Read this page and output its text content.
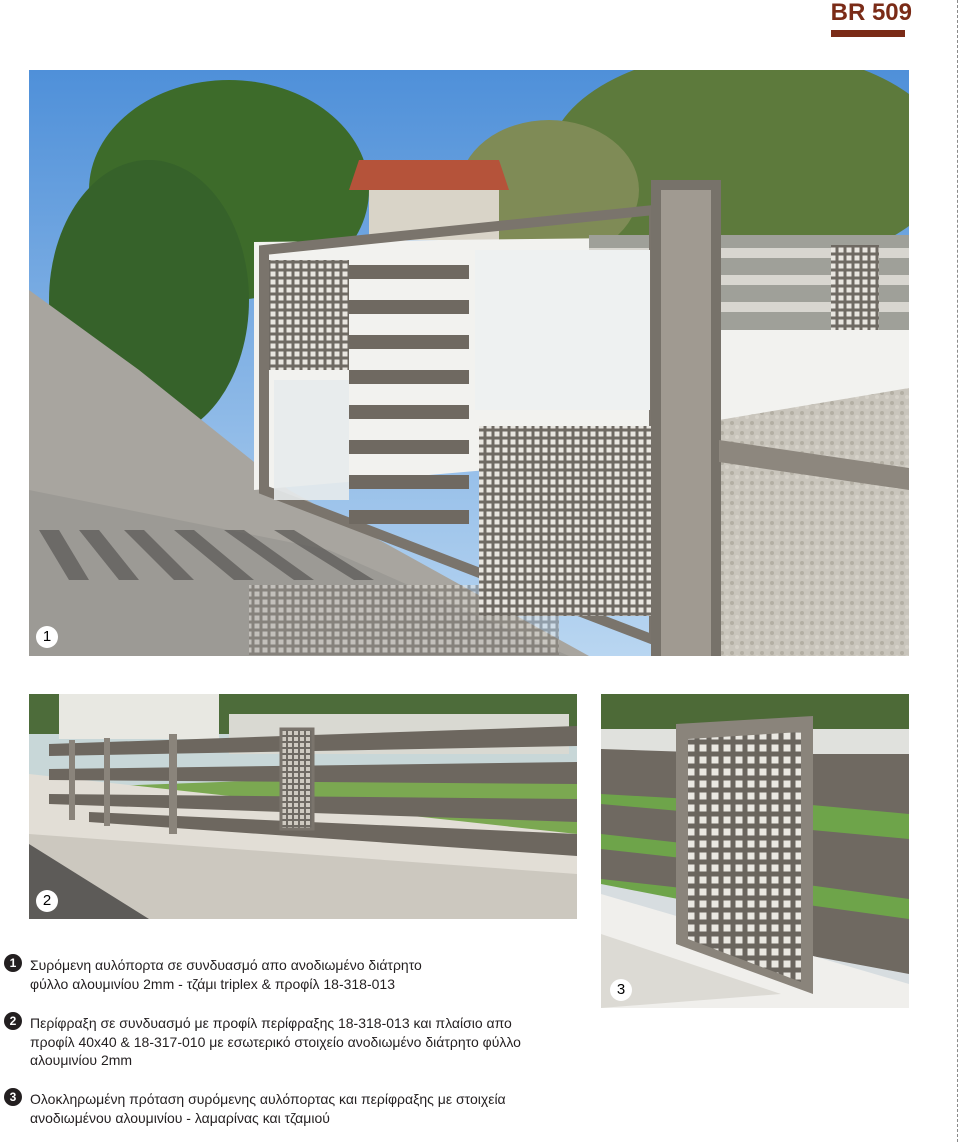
BR 509
1
2
3
1 Συρόμενη αυλόπορτα σε συνδυασμό απο ανοδιωμένο διάτρητο
φύλλο αλουμινίου 2mm - τζάμι triplex & προφίλ 18-318-013
2 Περίφραξη σε συνδυασμό με προφίλ περίφραξης 18-318-013 και πλαίσιο απο
προφίλ 40x40 & 18-317-010 με εσωτερικό στοιχείο ανοδιωμένο διάτρητο φύλλο
αλουμινίου 2mm
3 Ολοκληρωμένη πρόταση συρόμενης αυλόπορτας και περίφραξης με στοιχεία
ανοδιωμένου αλουμινίου - λαμαρίνας και τζαμιού
